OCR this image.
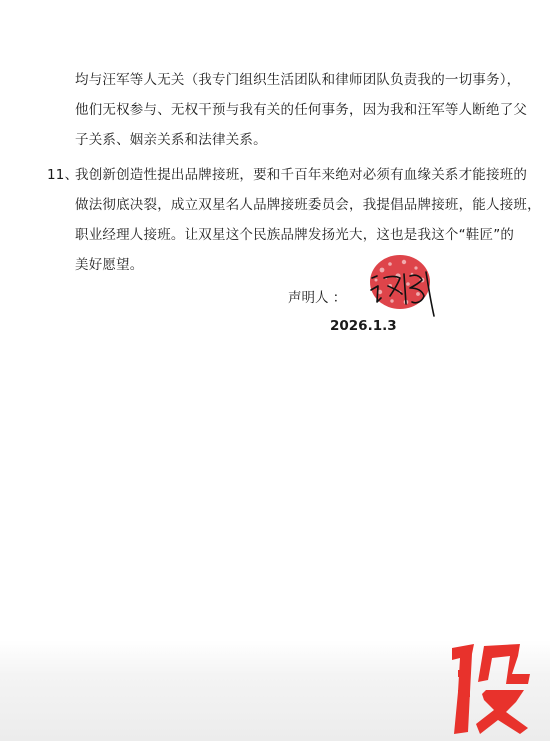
均与汪军等人无关（我专门组织生活团队和律师团队负责我的一切事务），
他们无权参与、无权干预与我有关的任何事务，因为我和汪军等人断绝了父
子关系、姻亲关系和法律关系。
11、
我创新创造性提出品牌接班，要和千百年来绝对必须有血缘关系才能接班的
做法彻底决裂，成立双星名人品牌接班委员会，我提倡品牌接班，能人接班，
职业经理人接班。让双星这个民族品牌发扬光大，这也是我这个“鞋匠”的
美好愿望。
声明人 ：
2026.1.3
